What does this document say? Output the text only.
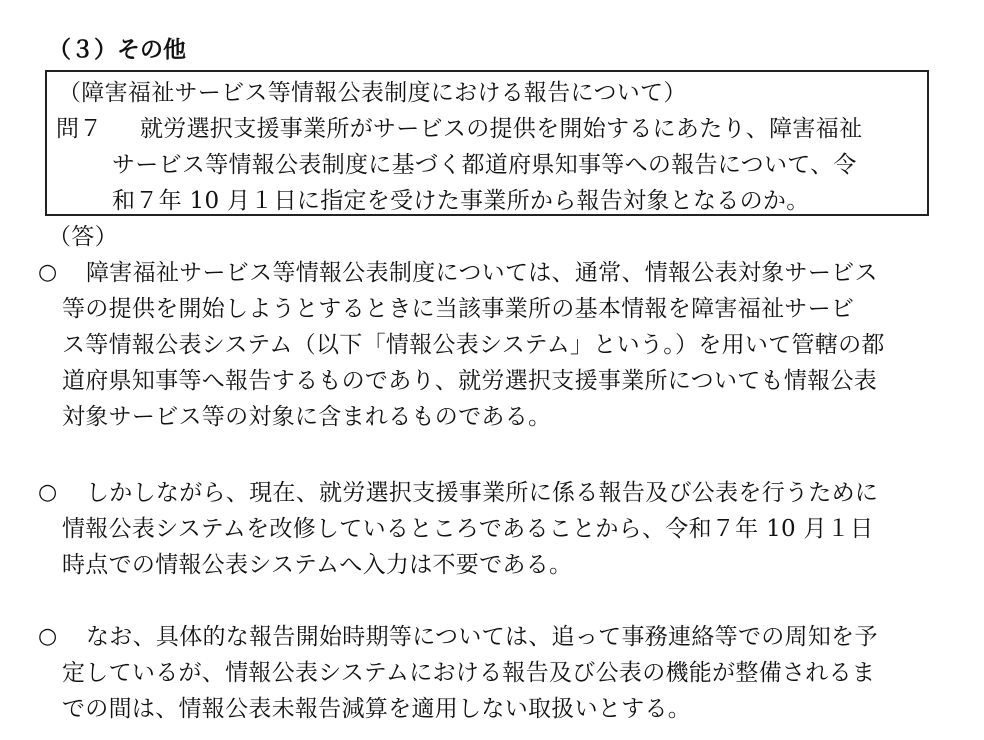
（３）その他
（障害福祉サービス等情報公表制度における報告について）
問７ 就労選択支援事業所がサービスの提供を開始するにあたり、障害福祉
サービス等情報公表制度に基づく都道府県知事等への報告について、令
和７年 10 月１日に指定を受けた事業所から報告対象となるのか。
（答）
○ 障害福祉サービス等情報公表制度については、通常、情報公表対象サービス
等の提供を開始しようとするときに当該事業所の基本情報を障害福祉サービ
ス等情報公表システム（以下「情報公表システム」という。）を用いて管轄の都
道府県知事等へ報告するものであり、就労選択支援事業所についても情報公表
対象サービス等の対象に含まれるものである。
○ しかしながら、現在、就労選択支援事業所に係る報告及び公表を行うために
情報公表システムを改修しているところであることから、令和７年 10 月１日
時点での情報公表システムへ入力は不要である。
○ なお、具体的な報告開始時期等については、追って事務連絡等での周知を予
定しているが、情報公表システムにおける報告及び公表の機能が整備されるま
での間は、情報公表未報告減算を適用しない取扱いとする。
